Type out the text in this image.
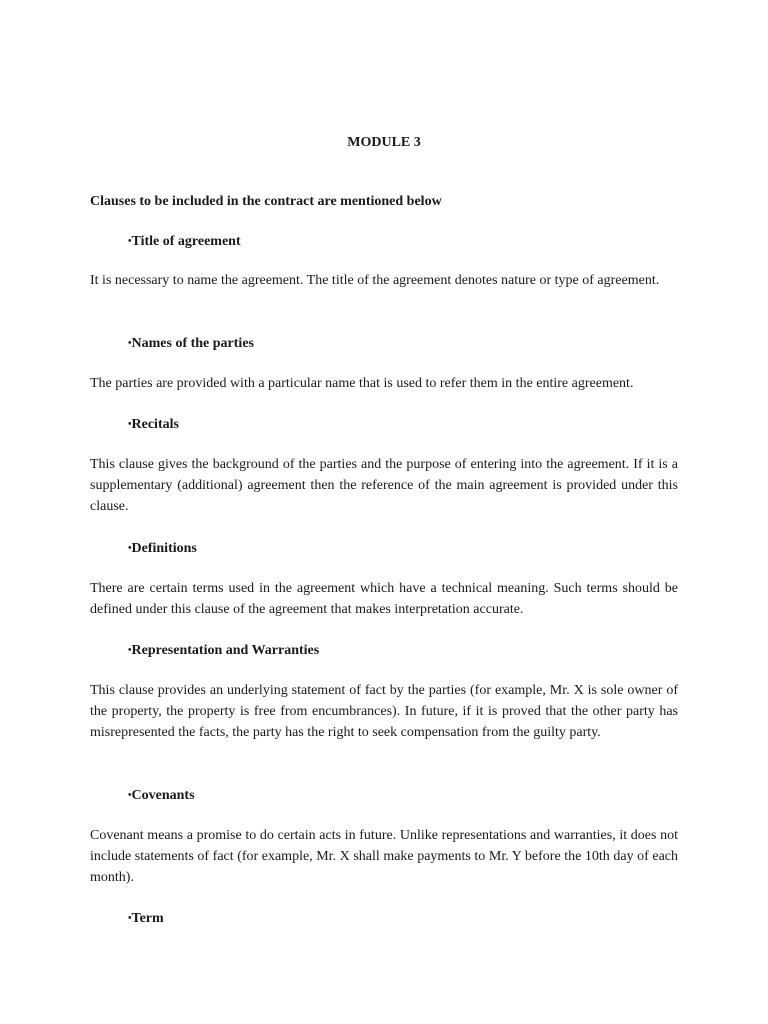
MODULE 3
Clauses to be included in the contract are mentioned below
•Title of agreement
It is necessary to name the agreement. The title of the agreement denotes nature or type of agreement.
•Names of the parties
The parties are provided with a particular name that is used to refer them in the entire agreement.
•Recitals
This clause gives the background of the parties and the purpose of entering into the agreement. If it is a supplementary (additional) agreement then the reference of the main agreement is provided under this clause.
•Definitions
There are certain terms used in the agreement which have a technical meaning. Such terms should be defined under this clause of the agreement that makes interpretation accurate.
•Representation and Warranties
This clause provides an underlying statement of fact by the parties (for example, Mr. X is sole owner of the property, the property is free from encumbrances). In future, if it is proved that the other party has misrepresented the facts, the party has the right to seek compensation from the guilty party.
•Covenants
Covenant means a promise to do certain acts in future. Unlike representations and warranties, it does not include statements of fact (for example, Mr. X shall make payments to Mr. Y before the 10th day of each month).
•Term
